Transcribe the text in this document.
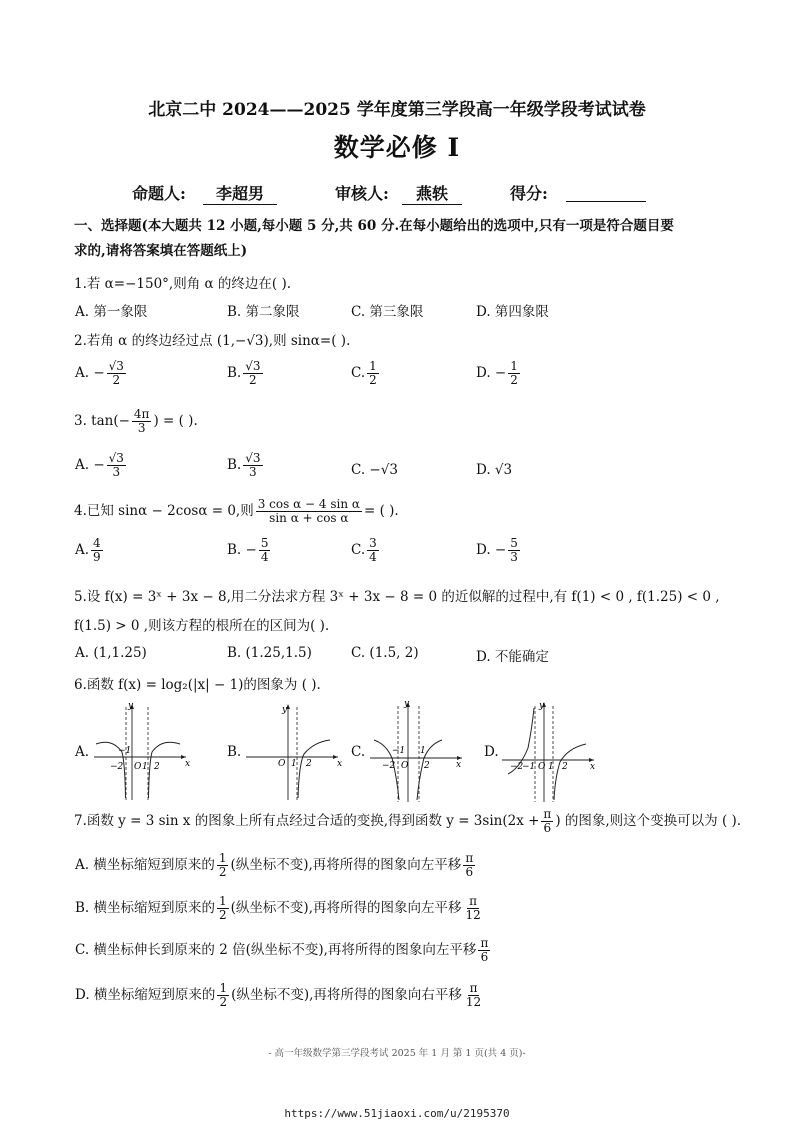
北京二中 2024——2025 学年度第三学段高一年级学段考试试卷
数学必修 I
命题人:	李超男	审核人:	燕轶	得分:
一、选择题(本大题共 12 小题,每小题 5 分,共 60 分.在每小题给出的选项中,只有一项是符合题目要
求的,请将答案填在答题纸上)
1.若 α=−150°,则角 α 的终边在( ).
A. 第一象限	B. 第二象限	C. 第三象限	D. 第四象限
2.若角 α 的终边经过点 (1,−√3),则 sinα=( ).
A. − $\frac{√3}{2}$	B. $\frac{√3}{2}$	C. $\frac{1}{2}$	D. − $\frac{1}{2}$
3. $\tan(- \frac{4\pi}{3}$ ) = ( ).
A. − $\frac{√3}{3}$	B. $\frac{√3}{3}$	C. −√3	D. √3
4.已知 sinα − 2cosα = 0,则 $\frac{\text{3 cos α − 4 sin α}}{\text{sin α + cos α}}$ = ( ).
A. $\frac{4}{9}$	B. − $\frac{5}{4}$	C. $\frac{3}{4}$	D. − $\frac{5}{3}$
5.设 f(x) = 3ˣ + 3x − 8,用二分法求方程 3ˣ + 3x − 8 = 0 的近似解的过程中,有 f(1) < 0 , f(1.25) < 0 ,
f(1.5) > 0 ,则该方程的根所在的区间为( ).
A. (1,1.25)	B. (1.25,1.5)	C. (1.5, 2)	D. 不能确定
6.函数 f(x) = log₂(|x| − 1)的图象为 ( ).
A.
y
x
−2
−1
O 1 2
B.
y
x
O 1 2
C.
y
x
−2
−1
O
1
2
D.
y
x
−2
−1 O 1 2
7.函数 y = 3 sin x 的图象上所有点经过合适的变换,得到函数 $y = 3\sin(2x + \frac{\pi}{6}$ ) 的图象,则这个变换可以为 ( ).
A. 横坐标缩短到原来的 $\frac{1}{2}$ (纵坐标不变),再将所得的图象向左平移 $\frac{\pi}{6}$
B. 横坐标缩短到原来的 $\frac{1}{2}$ (纵坐标不变),再将所得的图象向左平移 $\frac{\pi}{12}$
C. 横坐标伸长到原来的 2 倍(纵坐标不变),再将所得的图象向左平移 $\frac{\pi}{6}$
D. 横坐标缩短到原来的 $\frac{1}{2}$ (纵坐标不变),再将所得的图象向右平移 $\frac{\pi}{12}$
- 高一年级数学第三学段考试 2025 年 1 月 第 1 页(共 4 页)-
https://www.51jiaoxi.com/u/2195370
